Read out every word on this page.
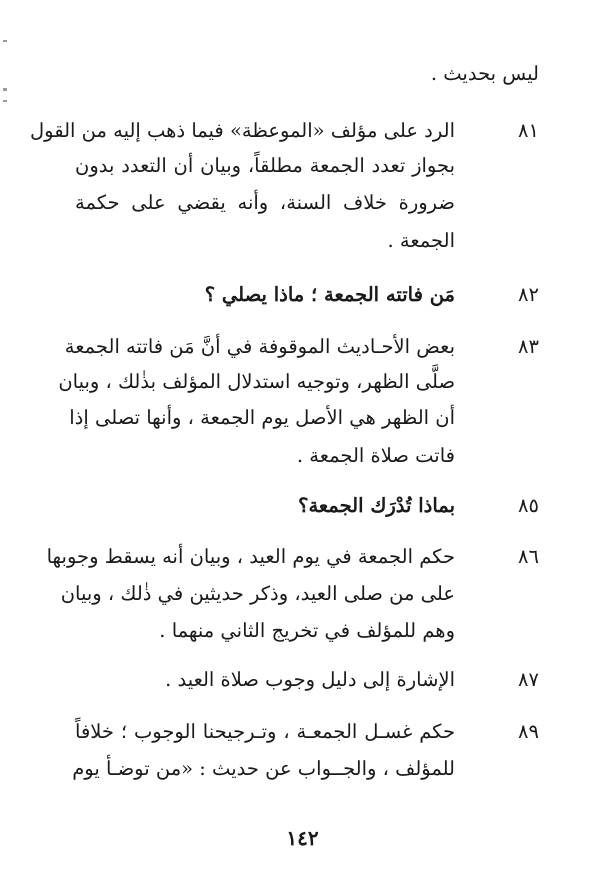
ليس بحديث .
٨١
الرد على مؤلف «الموعظة» فيما ذهب إليه من القول
بجواز تعدد الجمعة مطلقاً، وبيان أن التعدد بدون
ضرورة خلاف السنة، وأنه يقضي على حكمة
الجمعة .
٨٢
مَن فاتته الجمعة ؛ ماذا يصلي ؟
٨٣
بعض الأحـاديث الموقوفة في أنَّ مَن فاتته الجمعة
صلَّى الظهر، وتوجيه استدلال المؤلف بذٰلك ، وبيان
أن الظهر هي الأصل يوم الجمعة ، وأنها تصلى إذا
فاتت صلاة الجمعة .
٨٥
بماذا تُدْرَك الجمعة؟
٨٦
حكم الجمعة في يوم العيد ، وبيان أنه يسقط وجوبها
على من صلى العيد، وذكر حديثين في ذٰلك ، وبيان
وهم للمؤلف في تخريج الثاني منهما .
٨٧
الإشارة إلى دليل وجوب صلاة العيد .
٨٩
حكم غسـل الجمعـة ، وتـرجيحنا الوجوب ؛ خلافاً
للمؤلف ، والجــواب عن حديث : «من توضـأ يوم
١٤٢
